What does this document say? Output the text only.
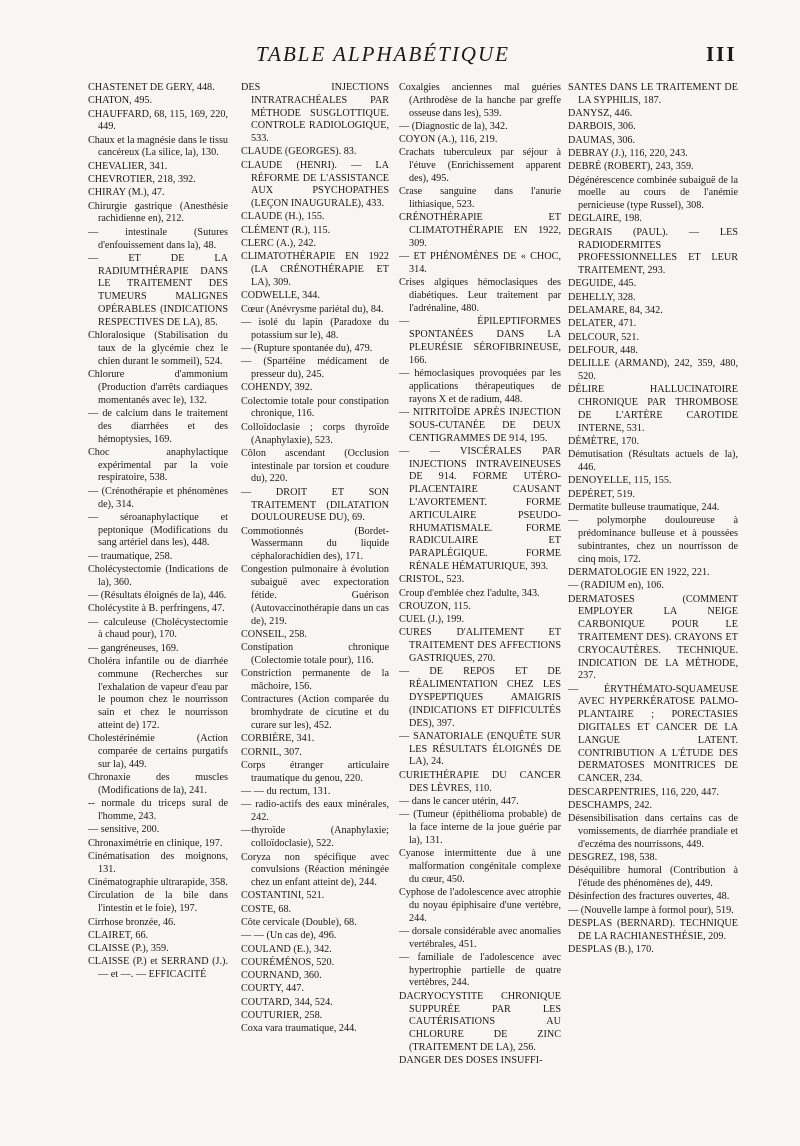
TABLE ALPHABÉTIQUE	III
CHASTENET DE GÉRY, 448.
CHATON, 495.
CHAUFFARD, 68, 115, 169, 220, 449.
Chaux et la magnésie dans le tissu cancéreux (La silice, la), 130.
CHEVALIER, 341.
CHEVROTIER, 218, 392.
CHIRAY (M.), 47.
Chirurgie gastrique (Anesthésie rachidienne en), 212.
— intestinale (Sutures d'enfouissement dans la), 48.
— ET DE LA RADIUMTHÉRAPIE DANS LE TRAITEMENT DES TUMEURS MALIGNES OPÉRABLES (INDICATIONS RESPECTIVES DE LA), 85.
Chloralosique (Stabilisation du taux de la glycémie chez le chien durant le sommeil), 524.
Chlorure d'ammonium (Production d'arrêts cardiaques momentanés avec le), 132.
— de calcium dans le traitement des diarrhées et des hémoptysies, 169.
Choc anaphylactique expérimental par la voie respiratoire, 538.
— (Crénothérapie et phénomènes de), 314.
— séroanaphylactique et peptonique (Modifications du sang artériel dans les), 448.
— traumatique, 258.
Cholécystectomie (Indications de la), 360.
— (Résultats éloignés de la), 446.
Cholécystite à B. perfringens, 47.
— calculeuse (Cholécystectomie à chaud pour), 170.
— gangréneuses, 169.
Choléra infantile ou de diarrhée commune (Recherches sur l'exhalation de vapeur d'eau par le poumon chez le nourrisson sain et chez le nourrisson atteint de) 172.
Cholestérinémie (Action comparée de certains purgatifs sur la), 449.
Chronaxie des muscles (Modifications de la), 241.
-- normale du triceps sural de l'homme, 243.
— sensitive, 200.
Chronaximétrie en clinique, 197.
Cinématisation des moignons, 131.
Cinématographie ultrarapide, 358.
Circulation de la bile dans l'intestin et le foie), 197.
Cirrhose bronzée, 46.
CLAIRET, 66.
CLAISSE (P.), 359.
CLAISSE (P.) et SERRAND (J.). — et —. — EFFICACITÉ
DES INJECTIONS INTRATRACHÉALES PAR MÉTHODE SUSGLOTTIQUE. CONTROLE RADIOLOGIQUE, 533.
CLAUDE (GEORGES). 83.
CLAUDE (HENRI). — LA RÉFORME DE L'ASSISTANCE AUX PSYCHOPATHES (LEÇON INAUGURALE), 433.
CLAUDE (H.), 155.
CLÉMENT (R.), 115.
CLERC (A.), 242.
CLIMATOTHÉRAPIE EN 1922 (LA CRÉNOTHÉRAPIE ET LA), 309.
CODWELLE, 344.
Cœur (Anévrysme pariétal du), 84.
— isolé du lapin (Paradoxe du potassium sur le), 48.
— (Rupture spontanée du), 479.
— (Spartéine médicament de presseur du), 245.
COHENDY, 392.
Colectomie totale pour constipation chronique, 116.
Colloïdoclasie ; corps thyroïde (Anaphylaxie), 523.
Côlon ascendant (Occlusion intestinale par torsion et coudure du), 220.
— DROIT ET SON TRAITEMENT (DILATATION DOULOUREUSE DU), 69.
Commotionnés (Bordet-Wassermann du liquide céphalorachidien des), 171.
Congestion pulmonaire à évolution subaiguë avec expectoration fétide. Guérison (Autovaccinothérapie dans un cas de), 219.
CONSEIL, 258.
Constipation chronique (Colectomie totale pour), 116.
Constriction permanente de la mâchoire, 156.
Contractures (Action comparée du bromhydrate de cicutine et du curare sur les), 452.
CORBIÈRE, 341.
CORNIL, 307.
Corps étranger articulaire traumatique du genou, 220.
— — du rectum, 131.
— radio-actifs des eaux minérales, 242.
—thyroïde (Anaphylaxie; colloïdoclasie), 522.
Coryza non spécifique avec convulsions (Réaction méningée chez un enfant atteint de), 244.
COSTANTINI, 521.
COSTE, 68.
Côte cervicale (Double), 68.
— — (Un cas de), 496.
COULAND (E.), 342.
COURÉMÉNOS, 520.
COURNAND, 360.
COURTY, 447.
COUTARD, 344, 524.
COUTURIER, 258.
Coxa vara traumatique, 244.
Coxalgies anciennes mal guéries (Arthrodèse de la hanche par greffe osseuse dans les), 539.
— (Diagnostic de la), 342.
COYON (A.), 116, 219.
Crachats tuberculeux par séjour à l'étuve (Enrichissement apparent des), 495.
Crase sanguine dans l'anurie lithiasique, 523.
CRÉNOTHÉRAPIE ET CLIMATOTHÉRAPIE EN 1922, 309.
— ET PHÉNOMÈNES DE « CHOC, 314.
Crises algiques hémoclasiques des diabétiques. Leur traitement par l'adrénaline, 480.
— ÉPILEPTIFORMES SPONTANÉES DANS LA PLEURÉSIE SÉROFIBRINEUSE, 166.
— hémoclasiques provoquées par les applications thérapeutiques de rayons X et de radium, 448.
— NITRITOÏDE APRÈS INJECTION SOUS-CUTANÉE DE DEUX CENTIGRAMMES DE 914, 195.
— — VISCÉRALES PAR INJECTIONS INTRAVEINEUSES DE 914. FORME UTÉRO-PLACENTAIRE CAUSANT L'AVORTEMENT. FORME ARTICULAIRE PSEUDO-RHUMATISMALE. FORME RADICULAIRE ET PARAPLÉGIQUE. FORME RÉNALE HÉMATURIQUE, 393.
CRISTOL, 523.
Croup d'emblée chez l'adulte, 343.
CROUZON, 115.
CUEL (J.), 199.
CURES D'ALITEMENT ET TRAITEMENT DES AFFECTIONS GASTRIQUES, 270.
— DE REPOS ET DE RÉALIMENTATION CHEZ LES DYSPEPTIQUES AMAIGRIS (INDICATIONS ET DIFFICULTÉS DES), 397.
— SANATORIALE (ENQUÊTE SUR LES RÉSULTATS ÉLOIGNÉS DE LA), 24.
CURIETHÉRAPIE DU CANCER DES LÈVRES, 110.
— dans le cancer utérin, 447.
— (Tumeur (épithélioma probable) de la face interne de la joue guérie par la), 131.
Cyanose intermittente due à une malformation congénitale complexe du cœur, 450.
Cyphose de l'adolescence avec atrophie du noyau épiphisaire d'une vertèbre, 244.
— dorsale considérable avec anomalies vertébrales, 451.
— familiale de l'adolescence avec hypertrophie partielle de quatre vertèbres, 244.
DACRYOCYSTITE CHRONIQUE SUPPURÉE PAR LES CAUTÉRISATIONS AU CHLORURE DE ZINC (TRAITEMENT DE LA), 256.
DANGER DES DOSES INSUFFI-
SANTES DANS LE TRAITEMENT DE LA SYPHILIS, 187.
DANYSZ, 446.
DARBOIS, 306.
DAUMAS, 306.
DEBRAY (J.), 116, 220, 243.
DEBRÉ (ROBERT), 243, 359.
Dégénérescence combinée subaiguë de la moelle au cours de l'anémie pernicieuse (type Russel), 308.
DEGLAIRE, 198.
DEGRAIS (PAUL). — LES RADIODERMITES PROFESSIONNELLES ET LEUR TRAITEMENT, 293.
DEGUIDE, 445.
DEHELLY, 328.
DELAMARE, 84, 342.
DELATER, 471.
DELCOUR, 521.
DELFOUR, 448.
DELILLE (ARMAND), 242, 359, 480, 520.
DÉLIRE HALLUCINATOIRE CHRONIQUE PAR THROMBOSE DE L'ARTÈRE CAROTIDE INTERNE, 531.
DÉMÈTRE, 170.
Démutisation (Résultats actuels de la), 446.
DENOYELLE, 115, 155.
DEPÉRET, 519.
Dermatite bulleuse traumatique, 244.
— polymorphe douloureuse à prédominance bulleuse et à poussées subintrantes, chez un nourrisson de cinq mois, 172.
DERMATOLOGIE EN 1922, 221.
— (RADIUM en), 106.
DERMATOSES (COMMENT EMPLOYER LA NEIGE CARBONIQUE POUR LE TRAITEMENT DES). CRAYONS ET CRYOCAUTÈRES. TECHNIQUE. INDICATION DE LA MÉTHODE, 237.
— ÉRYTHÉMATO-SQUAMEUSE AVEC HYPERKÉRATOSE PALMO-PLANTAIRE ; PORECTASIES DIGITALES ET CANCER DE LA LANGUE LATENT. CONTRIBUTION A L'ÉTUDE DES DERMATOSES MONITRICES DE CANCER, 234.
DESCARPENTRIES, 116, 220, 447.
DESCHAMPS, 242.
Désensibilisation dans certains cas de vomissements, de diarrhée prandiale et d'eczéma des nourrissons, 449.
DESGREZ, 198, 538.
Déséquilibre humoral (Contribution à l'étude des phénomènes de), 449.
Désinfection des fractures ouvertes, 48.
— (Nouvelle lampe à formol pour), 519.
DESPLAS (BERNARD). TECHNIQUE DE LA RACHIANESTHÉSIE, 209.
DESPLAS (B.), 170.
